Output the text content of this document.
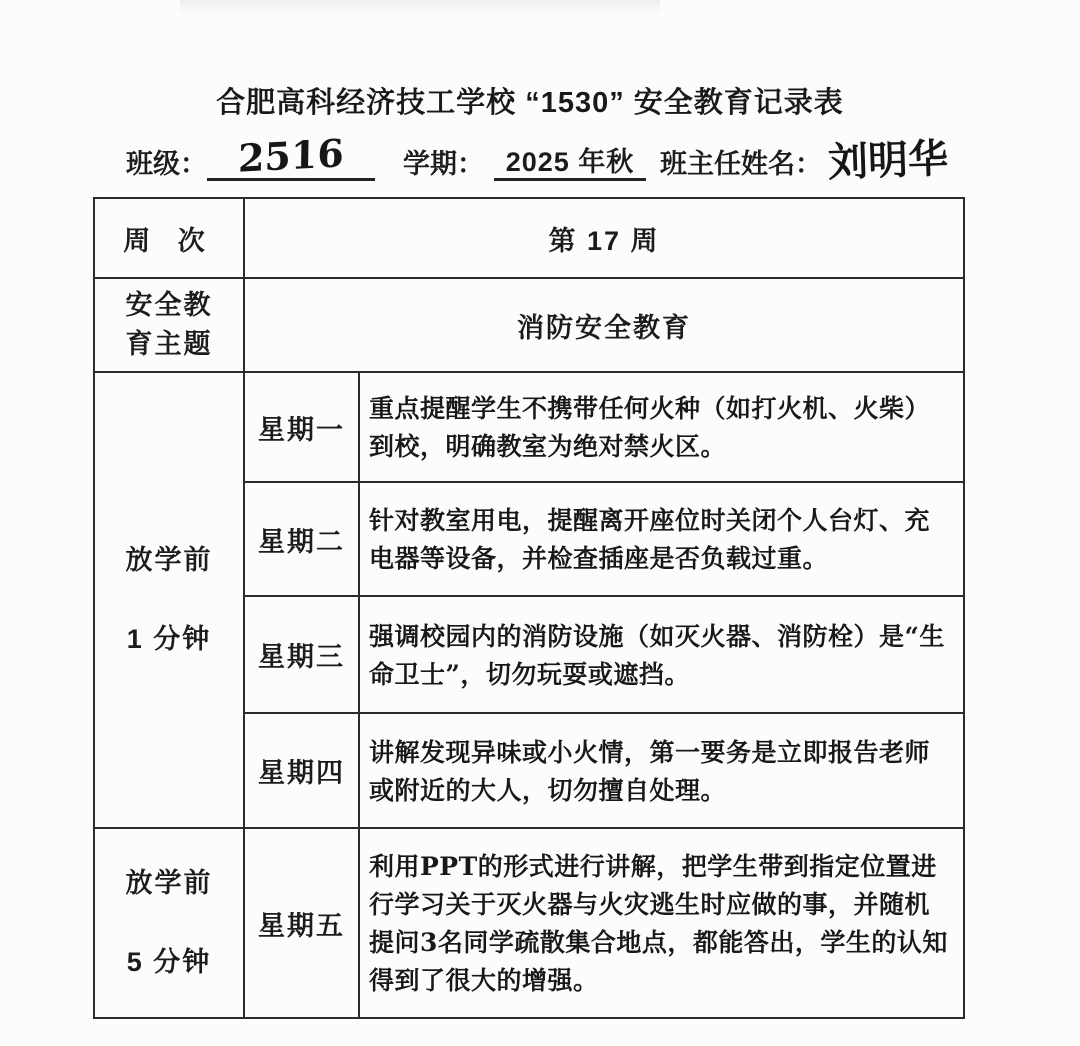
合肥高科经济技工学校 “1530” 安全教育记录表
班级： 2516	学期： 2025 年秋 班主任姓名： 刘明华
周 次	第 17 周	

安全教
育主题	消防安全教育	

放学前
1 分钟	星期一	重点提醒学生不携带任何火种（如打火机、火柴）到校，明确教室为绝对禁火区。
	星期二	针对教室用电，提醒离开座位时关闭个人台灯、充电器等设备，并检查插座是否负载过重。
	星期三	强调校园内的消防设施（如灭火器、消防栓）是“生命卫士”，切勿玩耍或遮挡。
	星期四	讲解发现异味或小火情，第一要务是立即报告老师或附近的大人，切勿擅自处理。

放学前
5 分钟	星期五	利用PPT的形式进行讲解，把学生带到指定位置进行学习关于灭火器与火灾逃生时应做的事，并随机提问3名同学疏散集合地点，都能答出，学生的认知得到了很大的增强。
